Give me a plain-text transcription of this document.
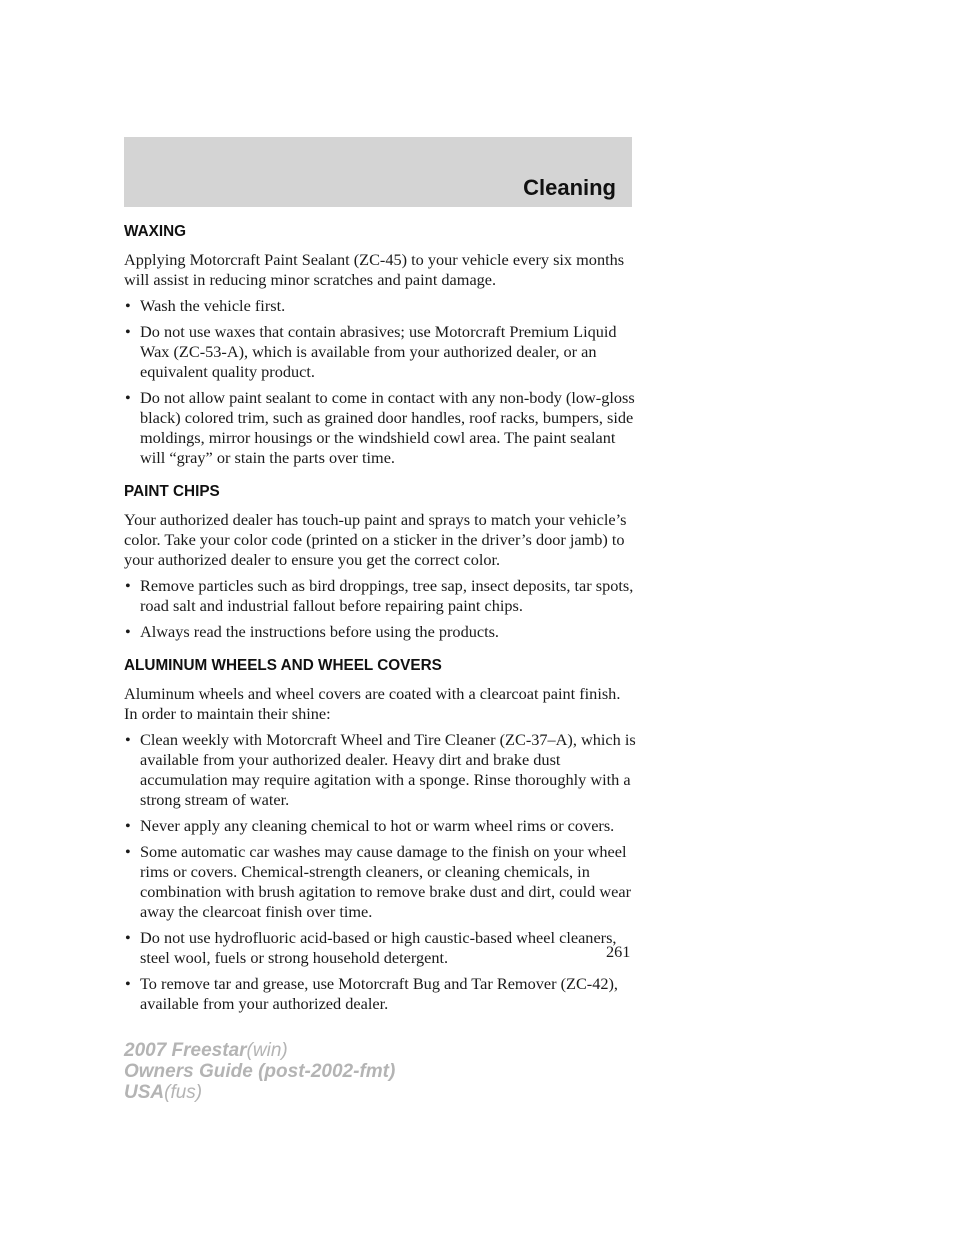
Cleaning
WAXING

Applying Motorcraft Paint Sealant (ZC-45) to your vehicle every six months will assist in reducing minor scratches and paint damage.

• Wash the vehicle first.
• Do not use waxes that contain abrasives; use Motorcraft Premium Liquid Wax (ZC-53-A), which is available from your authorized dealer, or an equivalent quality product.
• Do not allow paint sealant to come in contact with any non-body (low-gloss black) colored trim, such as grained door handles, roof racks, bumpers, side moldings, mirror housings or the windshield cowl area. The paint sealant will “gray” or stain the parts over time.
PAINT CHIPS

Your authorized dealer has touch-up paint and sprays to match your vehicle’s color. Take your color code (printed on a sticker in the driver’s door jamb) to your authorized dealer to ensure you get the correct color.

• Remove particles such as bird droppings, tree sap, insect deposits, tar spots, road salt and industrial fallout before repairing paint chips.
• Always read the instructions before using the products.
ALUMINUM WHEELS AND WHEEL COVERS

Aluminum wheels and wheel covers are coated with a clearcoat paint finish. In order to maintain their shine:

• Clean weekly with Motorcraft Wheel and Tire Cleaner (ZC-37–A), which is available from your authorized dealer. Heavy dirt and brake dust accumulation may require agitation with a sponge. Rinse thoroughly with a strong stream of water.
• Never apply any cleaning chemical to hot or warm wheel rims or covers.
• Some automatic car washes may cause damage to the finish on your wheel rims or covers. Chemical-strength cleaners, or cleaning chemicals, in combination with brush agitation to remove brake dust and dirt, could wear away the clearcoat finish over time.
• Do not use hydrofluoric acid-based or high caustic-based wheel cleaners, steel wool, fuels or strong household detergent.
• To remove tar and grease, use Motorcraft Bug and Tar Remover (ZC-42), available from your authorized dealer.
261
2007 Freestar(win)
Owners Guide (post-2002-fmt)
USA(fus)
